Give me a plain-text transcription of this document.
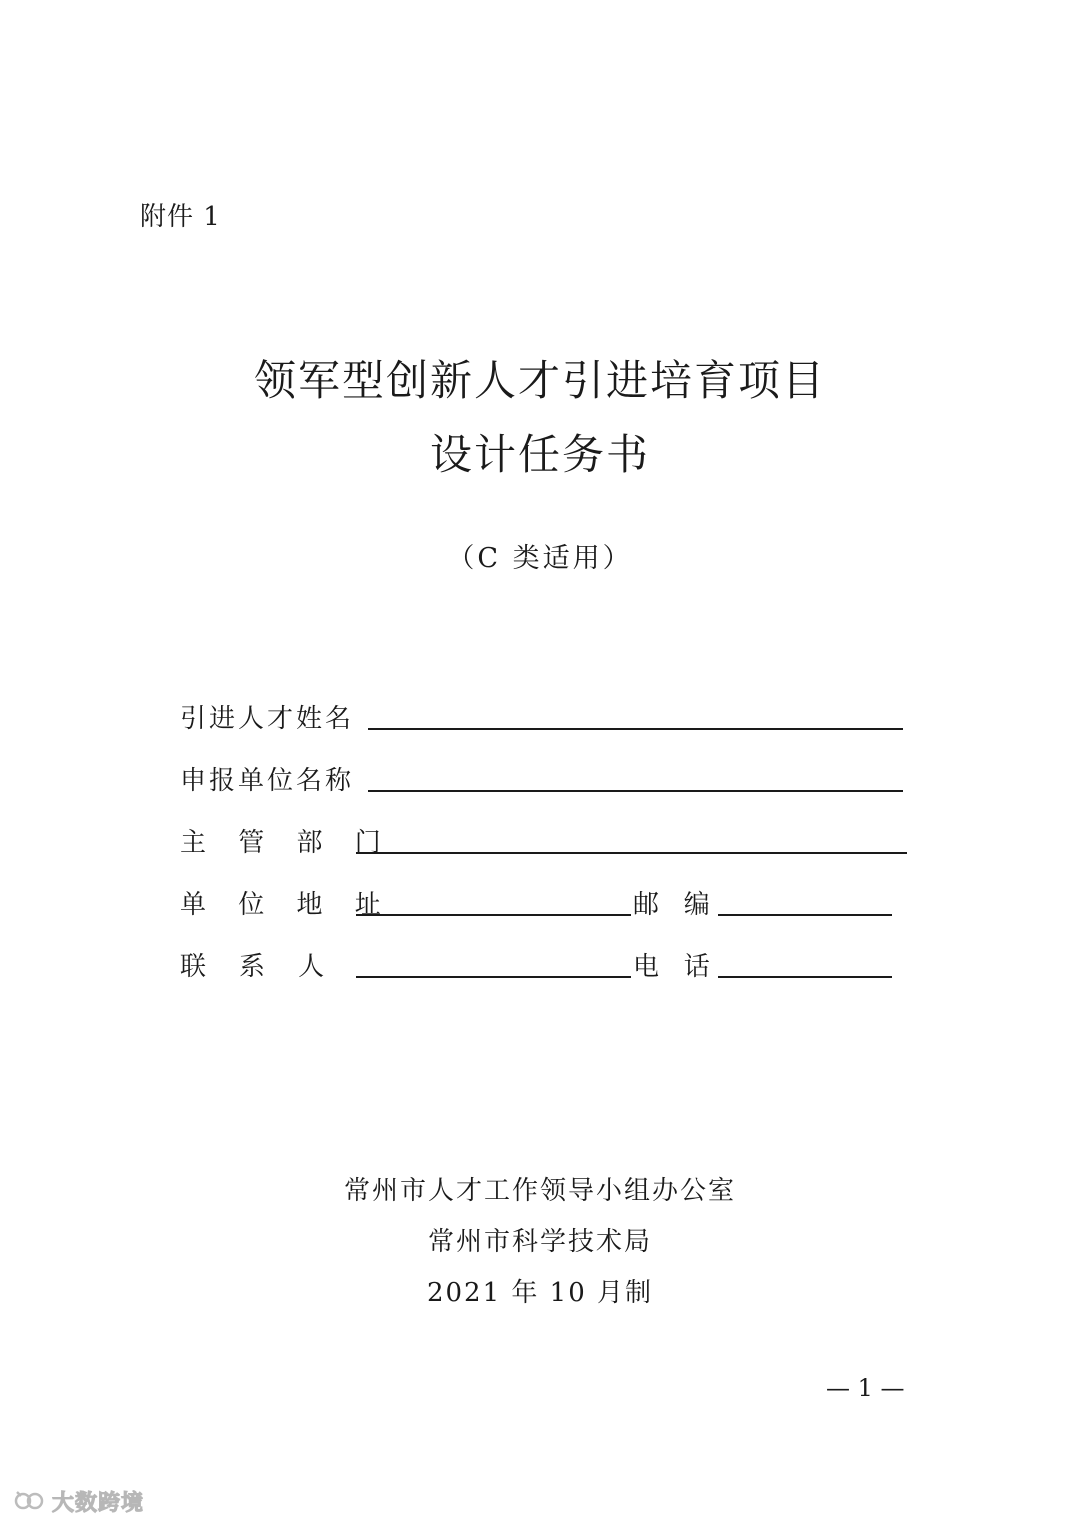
附件 1
领军型创新人才引进培育项目
设计任务书
（C 类适用）
引进人才姓名
申报单位名称
主 管 部 门
单 位 地 址	邮   编
联    系    人	电   话
常州市人才工作领导小组办公室
常州市科学技术局
2021 年 10 月制
— 1 —
大数跨境
